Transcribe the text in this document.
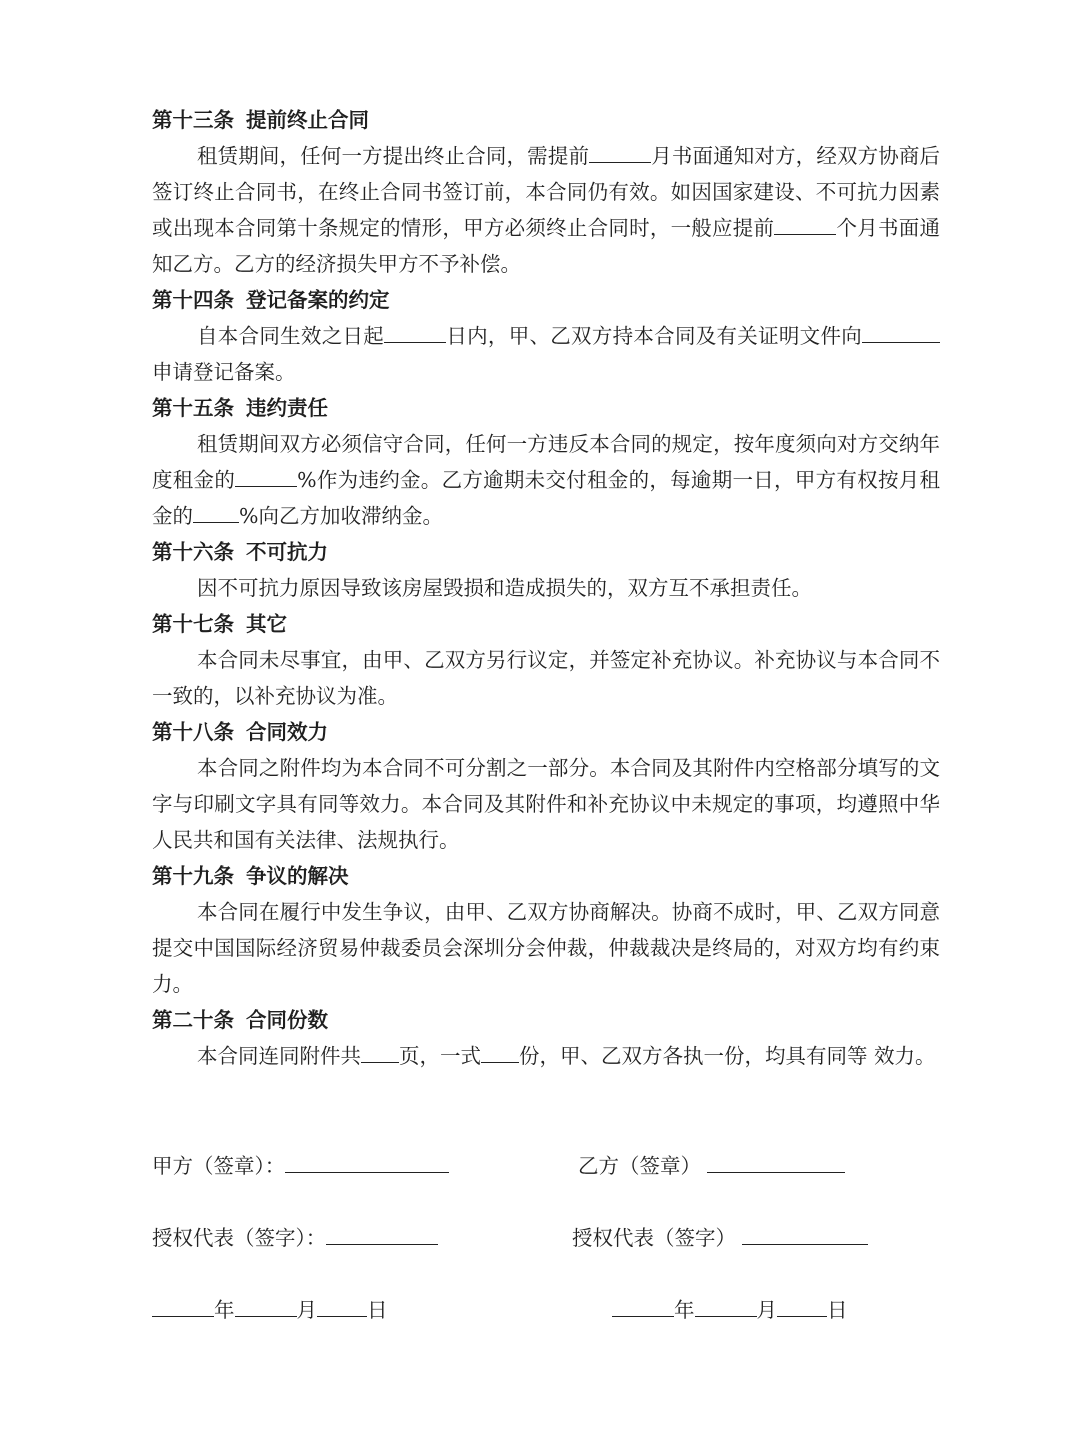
第十三条 提前终止合同
租赁期间，任何一方提出终止合同，需提前	月书面通知对方，经双方协商后签订终止合同书，在终止合同书签订前，本合同仍有效。如因国家建设、不可抗力因素或出现本合同第十条规定的情形，甲方必须终止合同时，一般应提前	个月书面通知乙方。乙方的经济损失甲方不予补偿。
第十四条 登记备案的约定
自本合同生效之日起	日内，甲、乙双方持本合同及有关证明文件向申请登记备案。
第十五条 违约责任
租赁期间双方必须信守合同，任何一方违反本合同的规定，按年度须向对方交纳年度租金的	%作为违约金。乙方逾期未交付租金的，每逾期一日，甲方有权按月租金的 %向乙方加收滞纳金。
第十六条 不可抗力
因不可抗力原因导致该房屋毁损和造成损失的，双方互不承担责任。
第十七条 其它
本合同未尽事宜，由甲、乙双方另行议定，并签定补充协议。补充协议与本合同不一致的，以补充协议为准。
第十八条 合同效力
本合同之附件均为本合同不可分割之一部分。本合同及其附件内空格部分填写的文字与印刷文字具有同等效力。本合同及其附件和补充协议中未规定的事项，均遵照中华人民共和国有关法律、法规执行。
第十九条 争议的解决
本合同在履行中发生争议，由甲、乙双方协商解决。协商不成时，甲、乙双方同意提交中国国际经济贸易仲裁委员会深圳分会仲裁，仲裁裁决是终局的，对双方均有约束力。
第二十条 合同份数
本合同连同附件共 页，一式 份，甲、乙双方各执一份，均具有同等 效力。
甲方（签章）：	乙方（签章）
授权代表（签字）：	授权代表（签字）
年	月 日	年	月 日
